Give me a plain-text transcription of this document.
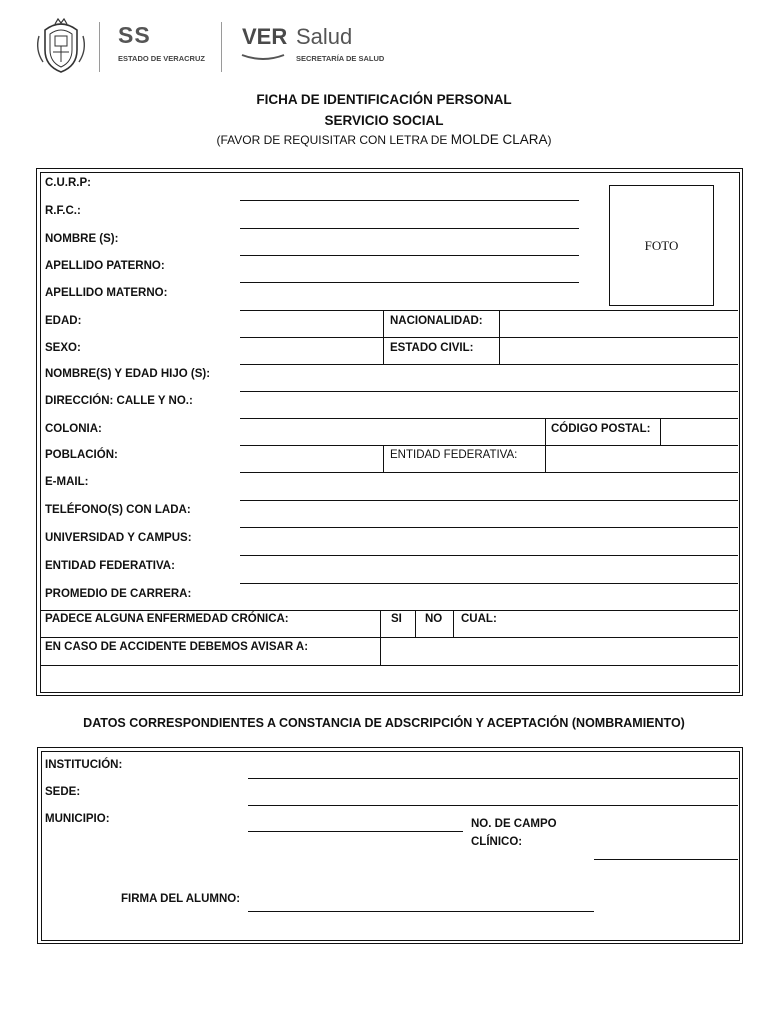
SS
ESTADO DE VERACRUZ
VER Salud
SECRETARÍA DE SALUD
FICHA DE IDENTIFICACIÓN PERSONAL
SERVICIO SOCIAL
(FAVOR DE REQUISITAR CON LETRA DE MOLDE CLARA)
FOTO
C.U.R.P:
R.F.C.:
NOMBRE (S):
APELLIDO PATERNO:
APELLIDO MATERNO:
EDAD:	NACIONALIDAD:
SEXO:	ESTADO CIVIL:
NOMBRE(S) Y EDAD HIJO (S):
DIRECCIÓN: CALLE Y NO.:
COLONIA:	CÓDIGO POSTAL:
POBLACIÓN:	ENTIDAD FEDERATIVA:
E-MAIL:
TELÉFONO(S) CON LADA:
UNIVERSIDAD Y CAMPUS:
ENTIDAD FEDERATIVA:
PROMEDIO DE CARRERA:
PADECE ALGUNA ENFERMEDAD CRÓNICA:	SI NO CUAL:
EN CASO DE ACCIDENTE DEBEMOS AVISAR A:
DATOS CORRESPONDIENTES A CONSTANCIA DE ADSCRIPCIÓN Y ACEPTACIÓN (NOMBRAMIENTO)
INSTITUCIÓN:
SEDE:
MUNICIPIO:	NO. DE CAMPO
CLÍNICO:
FIRMA DEL ALUMNO:
